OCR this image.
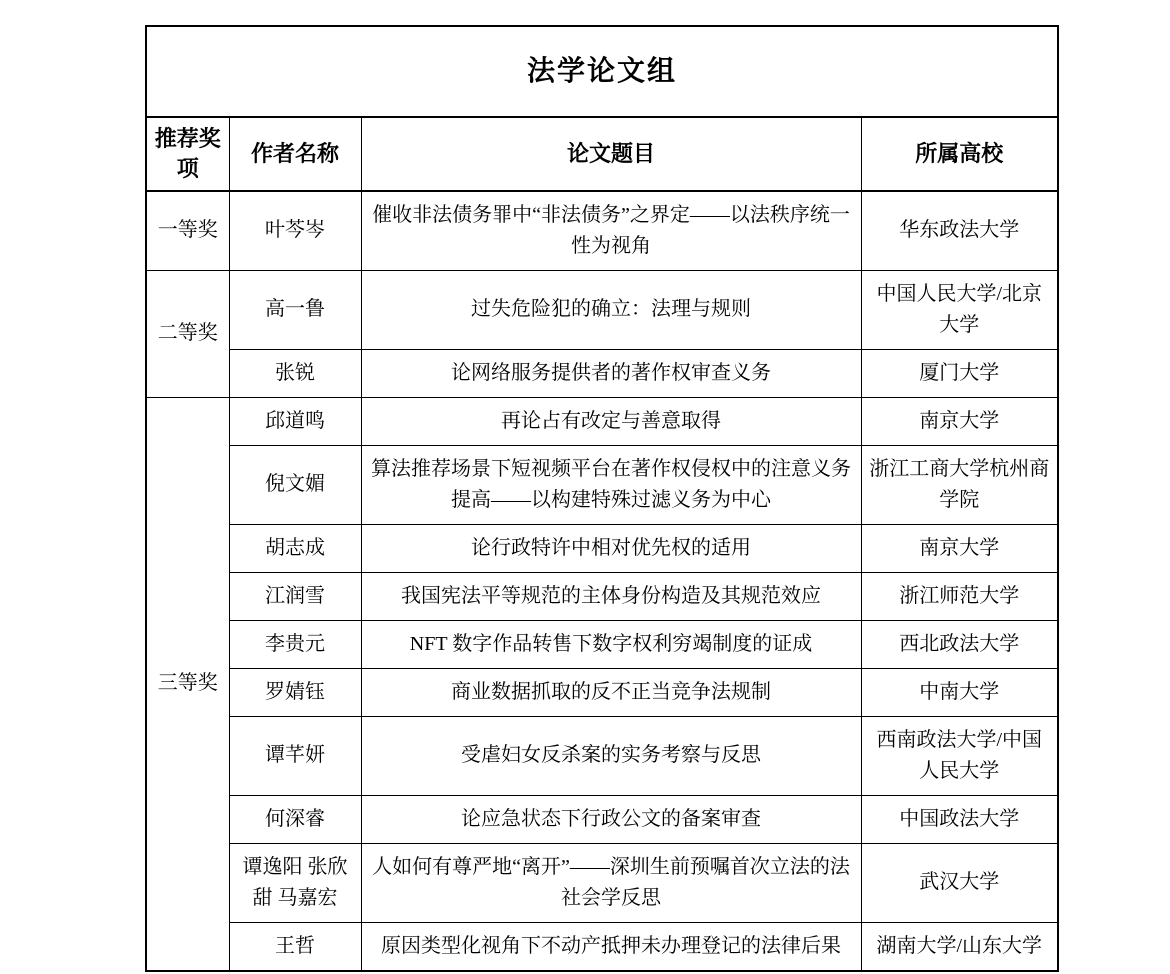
法学论文组			
推荐奖项	作者名称	论文题目	所属高校
一等奖	叶芩岑	催收非法债务罪中“非法债务”之界定——以法秩序统一性为视角	华东政法大学
二等奖	高一鲁	过失危险犯的确立：法理与规则	中国人民大学/北京大学
	张锐	论网络服务提供者的著作权审查义务	厦门大学
三等奖	邱道鸣	再论占有改定与善意取得	南京大学
	倪文媚	算法推荐场景下短视频平台在著作权侵权中的注意义务提高——以构建特殊过滤义务为中心	浙江工商大学杭州商学院
	胡志成	论行政特许中相对优先权的适用	南京大学
	江润雪	我国宪法平等规范的主体身份构造及其规范效应	浙江师范大学
	李贵元	NFT 数字作品转售下数字权利穷竭制度的证成	西北政法大学
	罗婧钰	商业数据抓取的反不正当竞争法规制	中南大学
	谭芊妍	受虐妇女反杀案的实务考察与反思	西南政法大学/中国人民大学
	何深睿	论应急状态下行政公文的备案审查	中国政法大学
	谭逸阳 张欣甜 马嘉宏	人如何有尊严地“离开”——深圳生前预嘱首次立法的法社会学反思	武汉大学
	王哲	原因类型化视角下不动产抵押未办理登记的法律后果	湖南大学/山东大学
